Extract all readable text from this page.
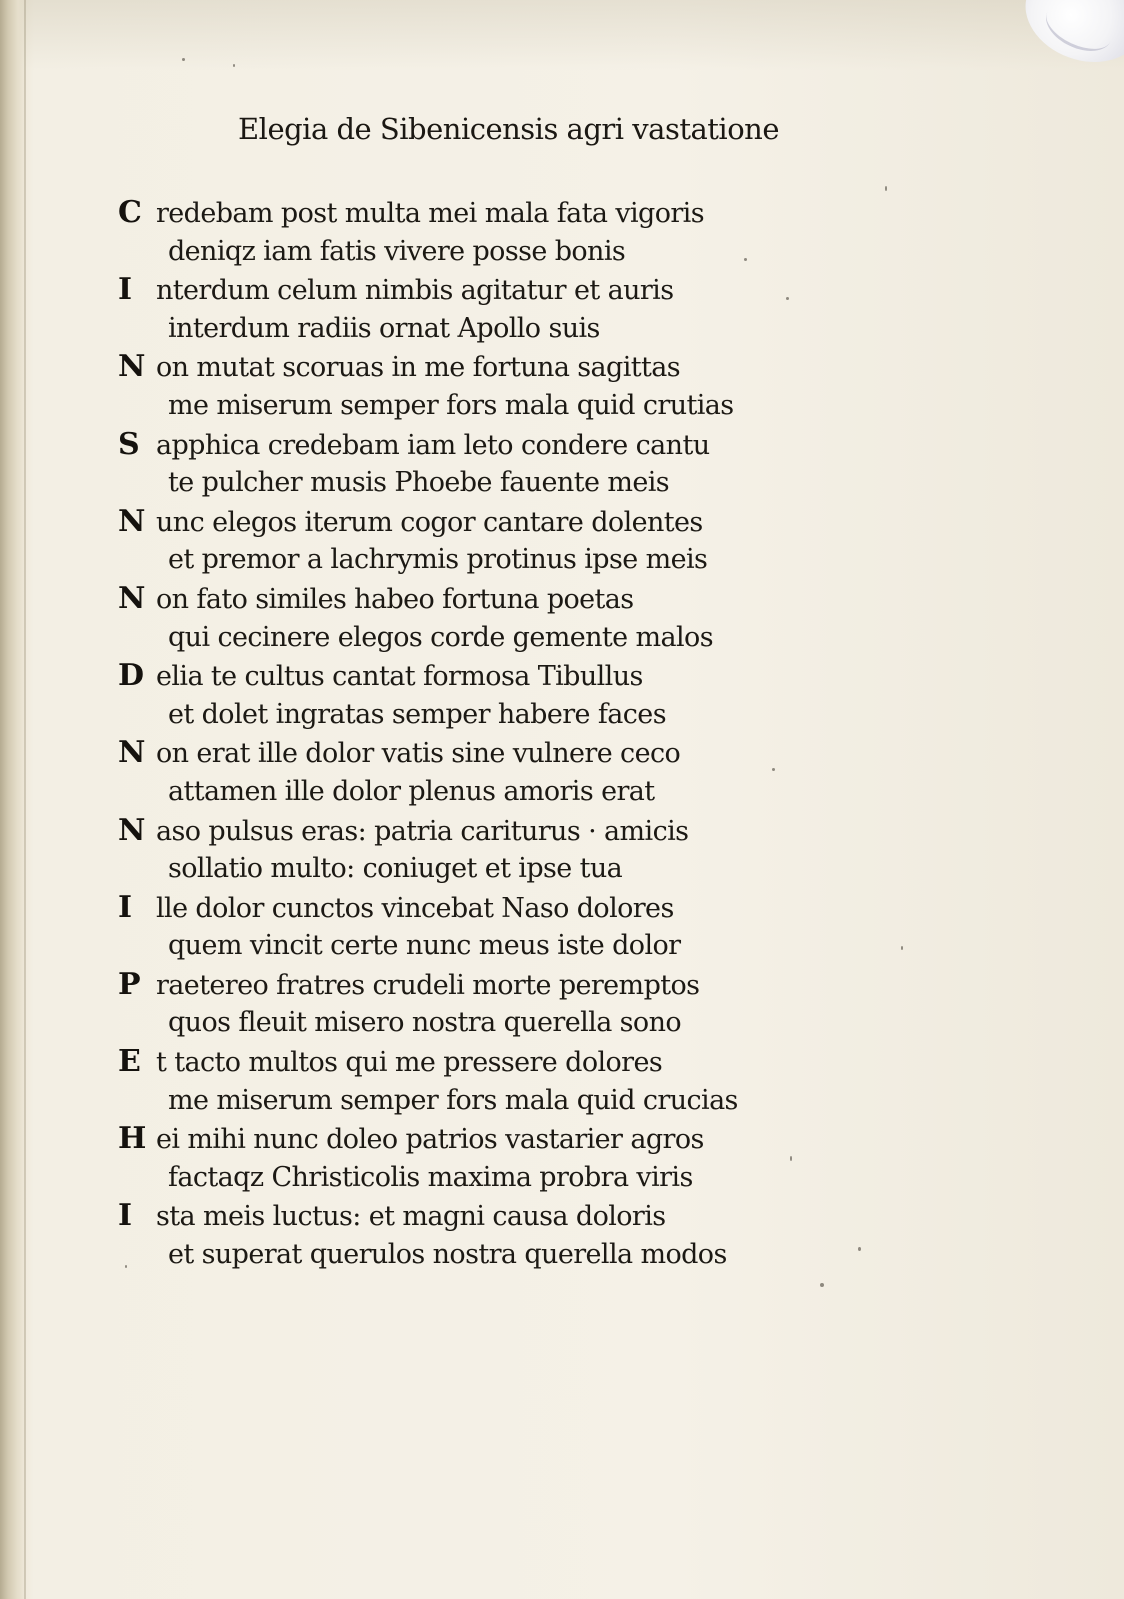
Elegia de Sibenicensis agri vastatione
C redebam post multa mei mala fata vigoris
deniqz iam fatis vivere posse bonis
I nterdum celum nimbis agitatur et auris
interdum radiis ornat Apollo suis
N on mutat scoruas in me fortuna sagittas
me miserum semper fors mala quid crutias
S apphica credebam iam leto condere cantu
te pulcher musis Phoebe fauente meis
N unc elegos iterum cogor cantare dolentes
et premor a lachrymis protinus ipse meis
N on fato similes habeo fortuna poetas
qui cecinere elegos corde gemente malos
D elia te cultus cantat formosa Tibullus
et dolet ingratas semper habere faces
N on erat ille dolor vatis sine vulnere ceco
attamen ille dolor plenus amoris erat
N aso pulsus eras: patria cariturus · amicis
sollatio multo: coniuget et ipse tua
I lle dolor cunctos vincebat Naso dolores
quem vincit certe nunc meus iste dolor
P raetereo fratres crudeli morte peremptos
quos fleuit misero nostra querella sono
E t tacto multos qui me pressere dolores
me miserum semper fors mala quid crucias
H ei mihi nunc doleo patrios vastarier agros
factaqz Christicolis maxima probra viris
I sta meis luctus: et magni causa doloris
et superat querulos nostra querella modos
